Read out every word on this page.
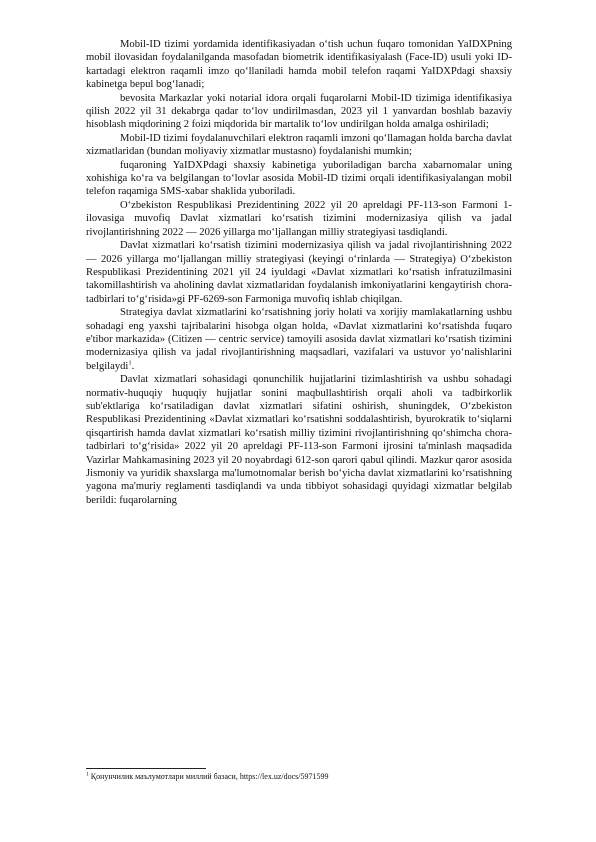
Mobil-ID tizimi yordamida identifikasiyadan o‘tish uchun fuqaro tomonidan YaIDXPning mobil ilovasidan foydalanilganda masofadan biometrik identifikasiyalash (Face-ID) usuli yoki ID-kartadagi elektron raqamli imzo qo‘llaniladi hamda mobil telefon raqami YaIDXPdagi shaxsiy kabinetga bepul bog‘lanadi;

bevosita Markazlar yoki notarial idora orqali fuqarolarni Mobil-ID tizimiga identifikasiya qilish 2022 yil 31 dekabrga qadar to‘lov undirilmasdan, 2023 yil 1 yanvardan boshlab bazaviy hisoblash miqdorining 2 foizi miqdorida bir martalik to‘lov undirilgan holda amalga oshiriladi;

Mobil-ID tizimi foydalanuvchilari elektron raqamli imzoni qo‘llamagan holda barcha davlat xizmatlaridan (bundan moliyaviy xizmatlar mustasno) foydalanishi mumkin;

fuqaroning YaIDXPdagi shaxsiy kabinetiga yuboriladigan barcha xabarnomalar uning xohishiga ko‘ra va belgilangan to‘lovlar asosida Mobil-ID tizimi orqali identifikasiyalangan mobil telefon raqamiga SMS-xabar shaklida yuboriladi.

O‘zbekiston Respublikasi Prezidentining 2022 yil 20 apreldagi PF-113-son Farmoni 1-ilovasiga muvofiq Davlat xizmatlari ko‘rsatish tizimini modernizasiya qilish va jadal rivojlantirishning 2022 — 2026 yillarga mo‘ljallangan milliy strategiyasi tasdiqlandi.

Davlat xizmatlari ko‘rsatish tizimini modernizasiya qilish va jadal rivojlantirishning 2022 — 2026 yillarga mo‘ljallangan milliy strategiyasi (keyingi o‘rinlarda — Strategiya) O‘zbekiston Respublikasi Prezidentining 2021 yil 24 iyuldagi «Davlat xizmatlari ko‘rsatish infratuzilmasini takomillashtirish va aholining davlat xizmatlaridan foydalanish imkoniyatlarini kengaytirish chora-tadbirlari to‘g‘risida»gi PF-6269-son Farmoniga muvofiq ishlab chiqilgan.

Strategiya davlat xizmatlarini ko‘rsatishning joriy holati va xorijiy mamlakatlarning ushbu sohadagi eng yaxshi tajribalarini hisobga olgan holda, «Davlat xizmatlarini ko‘rsatishda fuqaro e'tibor markazida» (Citizen — centric service) tamoyili asosida davlat xizmatlari ko‘rsatish tizimini modernizasiya qilish va jadal rivojlantirishning maqsadlari, vazifalari va ustuvor yo‘nalishlarini belgilaydi$^1$.

Davlat xizmatlari sohasidagi qonunchilik hujjatlarini tizimlashtirish va ushbu sohadagi normativ-huquqiy huquqiy hujjatlar sonini maqbullashtirish orqali aholi va tadbirkorlik sub'ektlariga ko‘rsatiladigan davlat xizmatlari sifatini oshirish, shuningdek, O‘zbekiston Respublikasi Prezidentining «Davlat xizmatlari ko‘rsatishni soddalashtirish, byurokratik to‘siqlarni qisqartirish hamda davlat xizmatlari ko‘rsatish milliy tizimini rivojlantirishning qo‘shimcha chora-tadbirlari to‘g‘risida» 2022 yil 20 apreldagi PF-113-son Farmoni ijrosini ta'minlash maqsadida Vazirlar Mahkamasining 2023 yil 20 noyabrdagi 612-son qarori qabul qilindi. Mazkur qaror asosida Jismoniy va yuridik shaxslarga ma'lumotnomalar berish bo‘yicha davlat xizmatlarini ko‘rsatishning yagona ma'muriy reglamenti tasdiqlandi va unda tibbiyot sohasidagi quyidagi xizmatlar belgilab berildi: fuqarolarning

$^1$ Қонунчилик маълумотлари миллий базаси, https://lex.uz/docs/5971599
